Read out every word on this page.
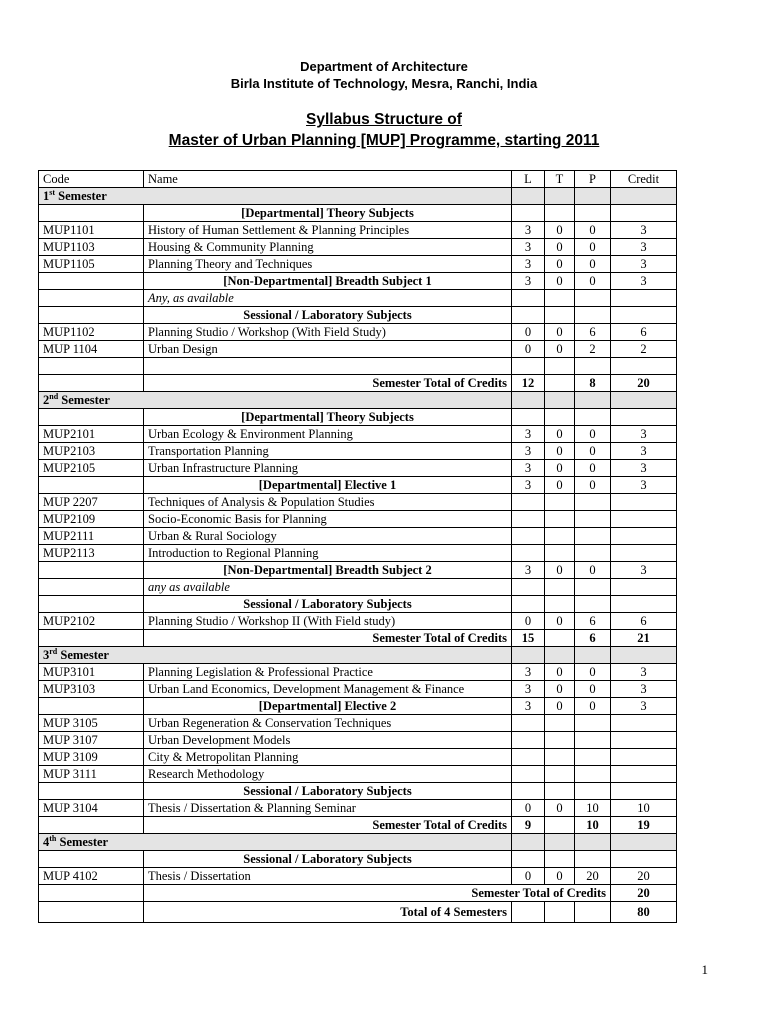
Department of Architecture
Birla Institute of Technology, Mesra, Ranchi, India
Syllabus Structure of
Master of Urban Planning [MUP] Programme, starting 2011
Code	Name	L	T	P	Credit
1st Semester					
	[Departmental] Theory Subjects				
MUP1101	History of Human Settlement & Planning Principles	3	0	0	3
MUP1103	Housing & Community Planning	3	0	0	3
MUP1105	Planning Theory and Techniques	3	0	0	3
	[Non-Departmental] Breadth Subject 1	3	0	0	3
	Any, as available				
	Sessional / Laboratory Subjects				
MUP1102	Planning Studio / Workshop (With Field Study)	0	0	6	6
MUP 1104	Urban Design	0	0	2	2

	Semester Total of Credits	12		8	20
2nd Semester					
	[Departmental] Theory Subjects				
MUP2101	Urban Ecology & Environment Planning	3	0	0	3
MUP2103	Transportation Planning	3	0	0	3
MUP2105	Urban Infrastructure Planning	3	0	0	3
	[Departmental] Elective 1	3	0	0	3
MUP 2207	Techniques of Analysis & Population Studies				
MUP2109	Socio-Economic Basis for Planning				
MUP2111	Urban & Rural Sociology				
MUP2113	Introduction to Regional Planning				
	[Non-Departmental] Breadth Subject 2	3	0	0	3
	any as available				
	Sessional / Laboratory Subjects				
MUP2102	Planning Studio / Workshop II (With Field study)	0	0	6	6
	Semester Total of Credits	15		6	21
3rd Semester					
MUP3101	Planning Legislation & Professional Practice	3	0	0	3
MUP3103	Urban Land Economics, Development Management & Finance	3	0	0	3
	[Departmental] Elective 2	3	0	0	3
MUP 3105	Urban Regeneration & Conservation Techniques				
MUP 3107	Urban Development Models				
MUP 3109	City & Metropolitan Planning				
MUP 3111	Research Methodology				
	Sessional / Laboratory Subjects				
MUP 3104	Thesis / Dissertation & Planning Seminar	0	0	10	10
	Semester Total of Credits	9		10	19
4th Semester					
	Sessional / Laboratory Subjects				
MUP 4102	Thesis / Dissertation	0	0	20	20
	Semester Total of Credits				20
	Total of 4 Semesters				80
1
